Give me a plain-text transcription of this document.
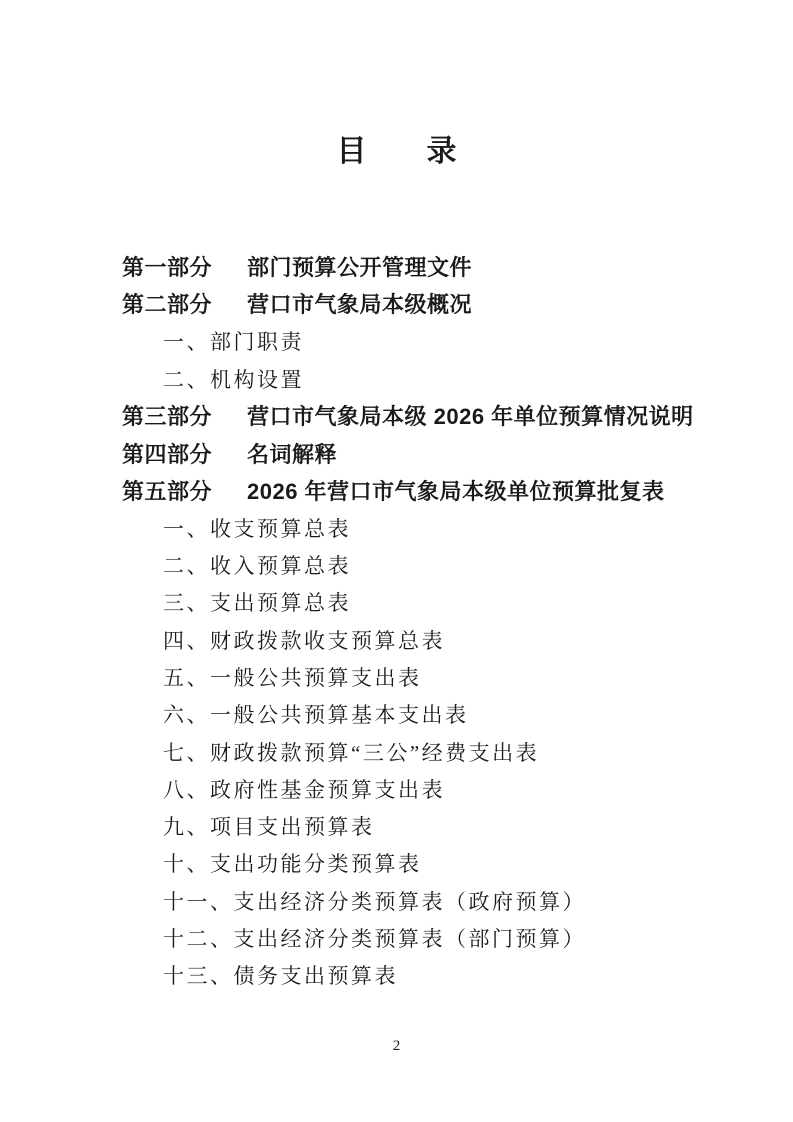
目　　录
第一部分	部门预算公开管理文件
第二部分	营口市气象局本级概况
一、部门职责
二、机构设置
第三部分	营口市气象局本级 2026 年单位预算情况说明
第四部分	名词解释
第五部分	2026 年营口市气象局本级单位预算批复表
一、收支预算总表
二、收入预算总表
三、支出预算总表
四、财政拨款收支预算总表
五、一般公共预算支出表
六、一般公共预算基本支出表
七、财政拨款预算“三公”经费支出表
八、政府性基金预算支出表
九、项目支出预算表
十、支出功能分类预算表
十一、支出经济分类预算表（政府预算）
十二、支出经济分类预算表（部门预算）
十三、债务支出预算表
2
